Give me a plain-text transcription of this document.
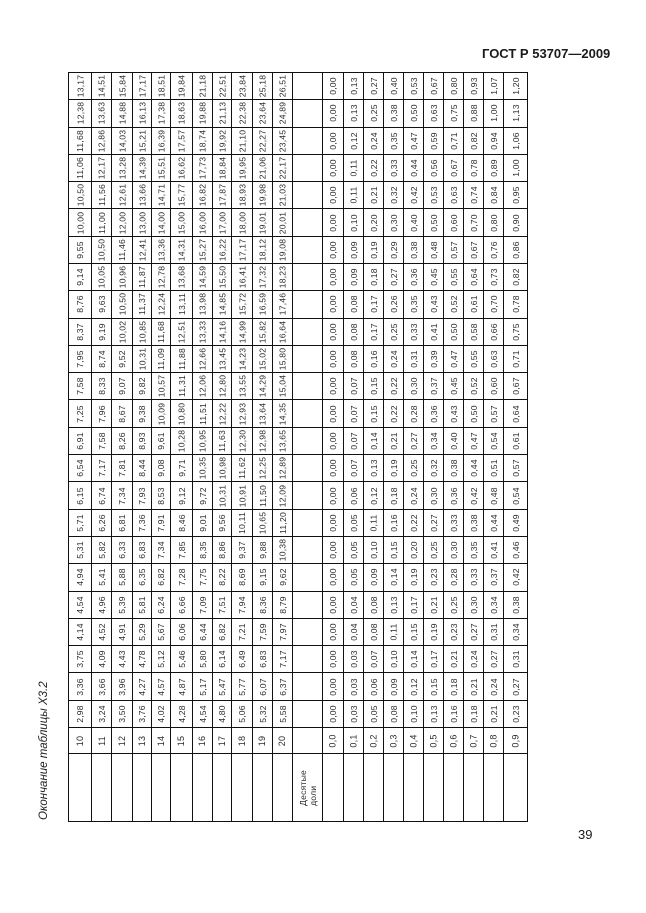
ГОСТ Р 53707—2009
Окончание таблицы Х3.2
39
2,98
3,36
3,75
4,14
4,54
4,94
5,31
5,71
6,15
6,54
6,91
7,25
7,58
7,95
8,37
8,76
9,14
9,55
10,00
10,50
11,06
11,68
12,38
13,17
10
3,24
3,66
4,09
4,52
4,96
5,41
5,82
6,26
6,74
7,17
7,58
7,96
8,33
8,74
9,19
9,63
10,05
10,50
11,00
11,56
12,17
12,86
13,63
14,51
11
3,50
3,96
4,43
4,91
5,39
5,88
6,33
6,81
7,34
7,81
8,26
8,67
9,07
9,52
10,02
10,50
10,96
11,46
12,00
12,61
13,28
14,03
14,88
15,84
12
3,76
4,27
4,78
5,29
5,81
6,35
6,83
7,36
7,93
8,44
8,93
9,38
9,82
10,31
10,85
11,37
11,87
12,41
13,00
13,66
14,39
15,21
16,13
17,17
13
4,02
4,57
5,12
5,67
6,24
6,82
7,34
7,91
8,53
9,08
9,61
10,09
10,57
11,09
11,68
12,24
12,78
13,36
14,00
14,71
15,51
16,39
17,38
18,51
14
4,28
4,87
5,46
6,06
6,66
7,28
7,85
8,46
9,12
9,71
10,28
10,80
11,31
11,88
12,51
13,11
13,68
14,31
15,00
15,77
16,62
17,57
18,63
19,84
15
4,54
5,17
5,80
6,44
7,09
7,75
8,35
9,01
9,72
10,35
10,95
11,51
12,06
12,66
13,33
13,98
14,59
15,27
16,00
16,82
17,73
18,74
19,88
21,18
16
4,80
5,47
6,14
6,82
7,51
8,22
8,86
9,56
10,31
10,98
11,63
12,22
12,80
13,45
14,16
14,85
15,50
16,22
17,00
17,87
18,84
19,92
21,13
22,51
17
5,06
5,77
6,49
7,21
7,94
8,69
9,37
10,11
10,91
11,62
12,30
12,93
13,55
14,23
14,99
15,72
16,41
17,17
18,00
18,93
19,95
21,10
22,38
23,84
18
5,32
6,07
6,83
7,59
8,36
9,15
9,88
10,65
11,50
12,25
12,98
13,64
14,29
15,02
15,82
16,59
17,32
18,12
19,01
19,98
21,06
22,27
23,64
25,18
19
5,58
6,37
7,17
7,97
8,79
9,62
10,38
11,20
12,09
12,89
13,65
14,35
15,04
15,80
16,64
17,46
18,23
19,08
20,01
21,03
22,17
23,45
24,89
26,51
20
Десятые доли
0,00
0,00
0,00
0,00
0,00
0,00
0,00
0,00
0,00
0,00
0,00
0,00
0,00
0,00
0,00
0,00
0,00
0,00
0,00
0,00
0,00
0,00
0,00
0,00
0,0
0,03
0,03
0,03
0,04
0,04
0,05
0,05
0,05
0,06
0,07
0,07
0,07
0,07
0,08
0,08
0,08
0,09
0,09
0,10
0,11
0,11
0,12
0,13
0,13
0,1
0,05
0,06
0,07
0,08
0,08
0,09
0,10
0,11
0,12
0,13
0,14
0,15
0,15
0,16
0,17
0,17
0,18
0,19
0,20
0,21
0,22
0,24
0,25
0,27
0,2
0,08
0,09
0,10
0,11
0,13
0,14
0,15
0,16
0,18
0,19
0,21
0,22
0,22
0,24
0,25
0,26
0,27
0,29
0,30
0,32
0,33
0,35
0,38
0,40
0,3
0,10
0,12
0,14
0,15
0,17
0,19
0,20
0,22
0,24
0,25
0,27
0,28
0,30
0,31
0,33
0,35
0,36
0,38
0,40
0,42
0,44
0,47
0,50
0,53
0,4
0,13
0,15
0,17
0,19
0,21
0,23
0,25
0,27
0,30
0,32
0,34
0,36
0,37
0,39
0,41
0,43
0,45
0,48
0,50
0,53
0,56
0,59
0,63
0,67
0,5
0,16
0,18
0,21
0,23
0,25
0,28
0,30
0,33
0,36
0,38
0,40
0,43
0,45
0,47
0,50
0,52
0,55
0,57
0,60
0,63
0,67
0,71
0,75
0,80
0,6
0,18
0,21
0,24
0,27
0,30
0,33
0,35
0,38
0,42
0,44
0,47
0,50
0,52
0,55
0,58
0,61
0,64
0,67
0,70
0,74
0,78
0,82
0,88
0,93
0,7
0,21
0,24
0,27
0,31
0,34
0,37
0,41
0,44
0,48
0,51
0,54
0,57
0,60
0,63
0,66
0,70
0,73
0,76
0,80
0,84
0,89
0,94
1,00
1,07
0,8
0,23
0,27
0,31
0,34
0,38
0,42
0,46
0,49
0,54
0,57
0,61
0,64
0,67
0,71
0,75
0,78
0,82
0,86
0,90
0,95
1,00
1,06
1,13
1,20
0,9
